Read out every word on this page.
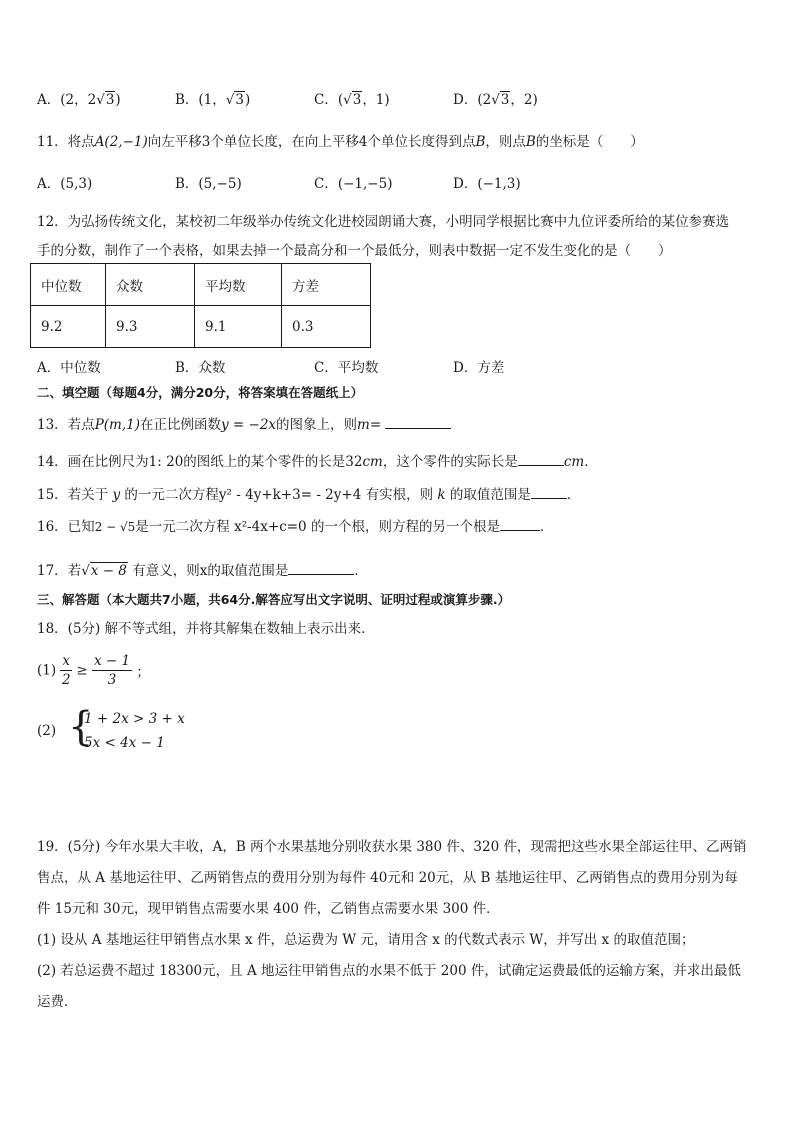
A．(2，2√3)	B．(1，√3)	C．(√3，1)	D．(2√3，2)
11．将点A(2,−1)向左平移3个单位长度，在向上平移4个单位长度得到点B，则点B的坐标是（　　）
A．(5,3)	B．(5,−5)	C．(−1,−5)	D．(−1,3)
12．为弘扬传统文化，某校初二年级举办传统文化进校园朗诵大赛，小明同学根据比赛中九位评委所给的某位参赛选
手的分数，制作了一个表格，如果去掉一个最高分和一个最低分，则表中数据一定不发生变化的是（　　）
中位数	众数	平均数	方差
9.2	9.3	9.1	0.3
A．中位数	B．众数	C．平均数	D．方差
二、填空题（每题4分，满分20分，将答案填在答题纸上）
13．若点P(m,1)在正比例函数y = −2x的图象上，则m=
14．画在比例尺为1: 20的图纸上的某个零件的长是32cm，这个零件的实际长是	cm．
15．若关于 y 的一元二次方程y² - 4y+k+3= - 2y+4 有实根，则 k 的取值范围是	．
16．已知2 − √5是一元二次方程 x²-4x+c=0 的一个根，则方程的另一个根是	．
17．若√x − 8 有意义，则x的取值范围是	．
三、解答题（本大题共7小题，共64分.解答应写出文字说明、证明过程或演算步骤.）
18．(5分) 解不等式组，并将其解集在数轴上表示出来．
$(1) \frac{x}{2} \ge \frac{x - 1}{3}$ ；
(2) {
1 + 2x > 3 + x
5x < 4x − 1
19．(5分) 今年水果大丰收，A，B 两个水果基地分别收获水果 380 件、320 件，现需把这些水果全部运往甲、乙两销
售点，从 A 基地运往甲、乙两销售点的费用分别为每件 40元和 20元，从 B 基地运往甲、乙两销售点的费用分别为每
件 15元和 30元，现甲销售点需要水果 400 件，乙销售点需要水果 300 件．
(1) 设从 A 基地运往甲销售点水果 x 件，总运费为 W 元，请用含 x 的代数式表示 W，并写出 x 的取值范围；
(2) 若总运费不超过 18300元，且 A 地运往甲销售点的水果不低于 200 件，试确定运费最低的运输方案，并求出最低
运费．
